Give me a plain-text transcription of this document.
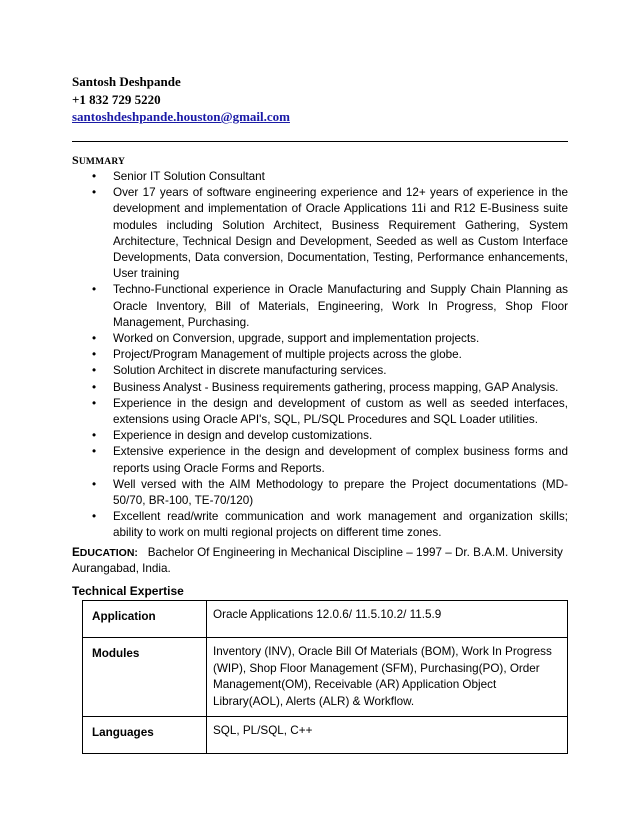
Santosh Deshpande
+1 832 729 5220
santoshdeshpande.houston@gmail.com
SUMMARY
• Senior IT Solution Consultant
• Over 17 years of software engineering experience and 12+ years of experience in the development and implementation of Oracle Applications 11i and R12 E-Business suite modules including Solution Architect, Business Requirement Gathering, System Architecture, Technical Design and Development, Seeded as well as Custom Interface Developments, Data conversion, Documentation, Testing, Performance enhancements, User training
• Techno-Functional experience in Oracle Manufacturing and Supply Chain Planning as Oracle Inventory, Bill of Materials, Engineering, Work In Progress, Shop Floor Management, Purchasing.
• Worked on Conversion, upgrade, support and implementation projects.
• Project/Program Management of multiple projects across the globe.
• Solution Architect in discrete manufacturing services.
• Business Analyst - Business requirements gathering, process mapping, GAP Analysis.
• Experience in the design and development of custom as well as seeded interfaces, extensions using Oracle API's, SQL, PL/SQL Procedures and SQL Loader utilities.
• Experience in design and develop customizations.
• Extensive experience in the design and development of complex business forms and reports using Oracle Forms and Reports.
• Well versed with the AIM Methodology to prepare the Project documentations (MD-50/70, BR-100, TE-70/120)
• Excellent read/write communication and work management and organization skills; ability to work on multi regional projects on different time zones.
EDUCATION: Bachelor Of Engineering in Mechanical Discipline – 1997 – Dr. B.A.M. University Aurangabad, India.
Technical Expertise
Application	Oracle Applications 12.0.6/ 11.5.10.2/ 11.5.9

Modules	Inventory (INV), Oracle Bill Of Materials (BOM), Work In Progress (WIP), Shop Floor Management (SFM), Purchasing(PO), Order Management(OM), Receivable (AR) Application Object Library(AOL), Alerts (ALR) & Workflow.

Languages	SQL, PL/SQL, C++
